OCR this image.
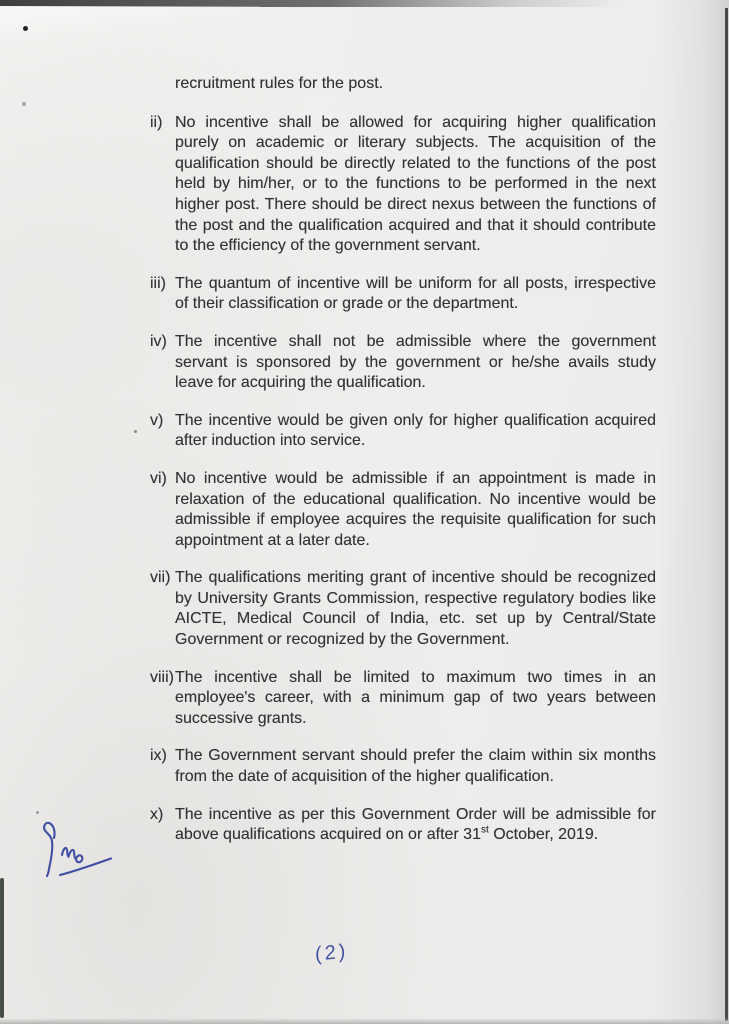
recruitment rules for the post.

ii) No incentive shall be allowed for acquiring higher qualification purely on academic or literary subjects. The acquisition of the qualification should be directly related to the functions of the post held by him/her, or to the functions to be performed in the next higher post. There should be direct nexus between the functions of the post and the qualification acquired and that it should contribute to the efficiency of the government servant.
iii) The quantum of incentive will be uniform for all posts, irrespective of their classification or grade or the department.
iv) The incentive shall not be admissible where the government servant is sponsored by the government or he/she avails study leave for acquiring the qualification.
v) The incentive would be given only for higher qualification acquired after induction into service.
vi) No incentive would be admissible if an appointment is made in relaxation of the educational qualification. No incentive would be admissible if employee acquires the requisite qualification for such appointment at a later date.
vii) The qualifications meriting grant of incentive should be recognized by University Grants Commission, respective regulatory bodies like AICTE, Medical Council of India, etc. set up by Central/State Government or recognized by the Government.
viii)The incentive shall be limited to maximum two times in an employee's career, with a minimum gap of two years between successive grants.
ix) The Government servant should prefer the claim within six months from the date of acquisition of the higher qualification.
x) The incentive as per this Government Order will be admissible for above qualifications acquired on or after 31st October, 2019.
(2)
